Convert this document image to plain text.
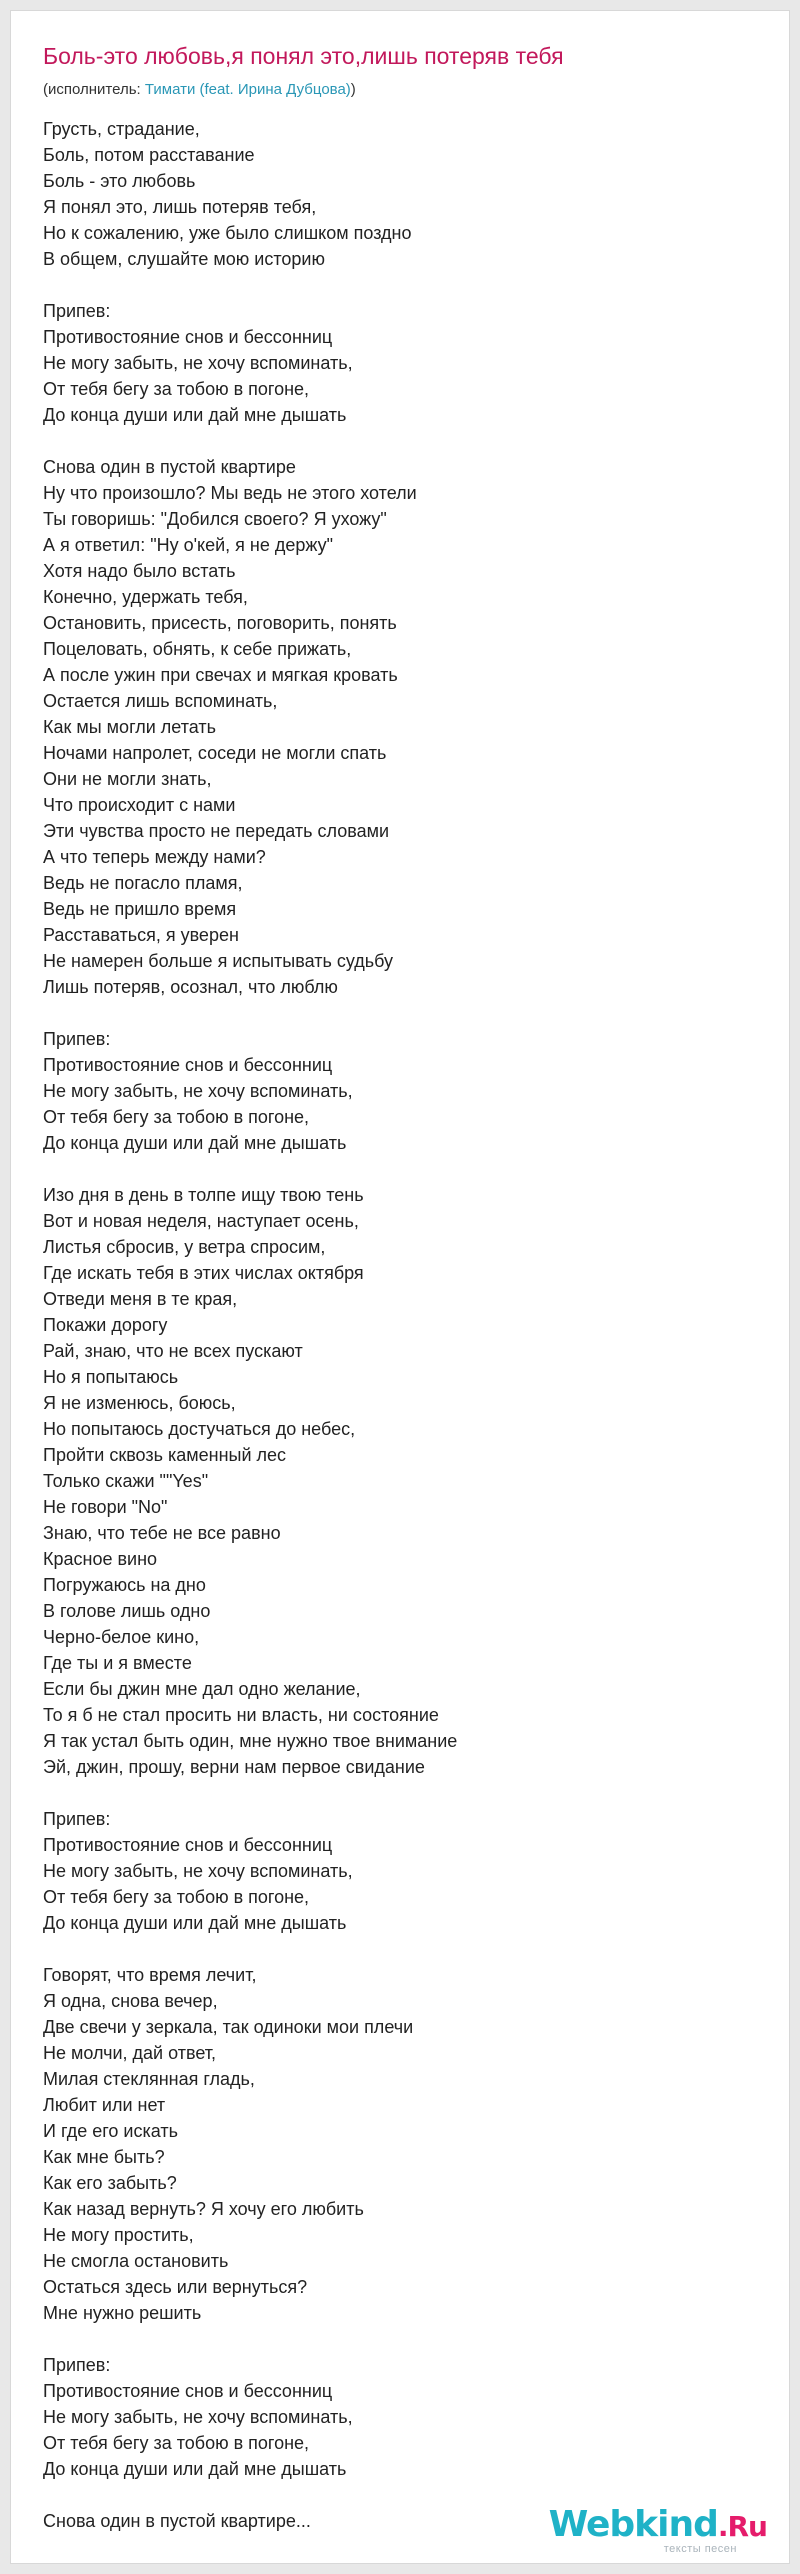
Боль-это любовь,я понял это,лишь потеряв тебя
(исполнитель: Тимати (feat. Ирина Дубцова))
Грусть, страдание,
Боль, потом расставание
Боль - это любовь
Я понял это, лишь потеряв тебя,
Но к сожалению, уже было слишком поздно
В общем, слушайте мою историю
Припев:
Противостояние снов и бессонниц
Не могу забыть, не хочу вспоминать,
От тебя бегу за тобою в погоне,
До конца души или дай мне дышать
Снова один в пустой квартире
Ну что произошло? Мы ведь не этого хотели
Ты говоришь: "Добился своего? Я ухожу"
А я ответил: "Ну о'кей, я не держу"
Хотя надо было встать
Конечно, удержать тебя,
Остановить, присесть, поговорить, понять
Поцеловать, обнять, к себе прижать,
А после ужин при свечах и мягкая кровать
Остается лишь вспоминать,
Как мы могли летать
Ночами напролет, соседи не могли спать
Они не могли знать,
Что происходит с нами
Эти чувства просто не передать словами
А что теперь между нами?
Ведь не погасло пламя,
Ведь не пришло время
Расставаться, я уверен
Не намерен больше я испытывать судьбу
Лишь потеряв, осознал, что люблю
Припев:
Противостояние снов и бессонниц
Не могу забыть, не хочу вспоминать,
От тебя бегу за тобою в погоне,
До конца души или дай мне дышать
Изо дня в день в толпе ищу твою тень
Вот и новая неделя, наступает осень,
Листья сбросив, у ветра спросим,
Где искать тебя в этих числах октября
Отведи меня в те края,
Покажи дорогу
Рай, знаю, что не всех пускают
Но я попытаюсь
Я не изменюсь, боюсь,
Но попытаюсь достучаться до небес,
Пройти сквозь каменный лес
Только скажи ""Yes"
Не говори "No"
Знаю, что тебе не все равно
Красное вино
Погружаюсь на дно
В голове лишь одно
Черно-белое кино,
Где ты и я вместе
Если бы джин мне дал одно желание,
То я б не стал просить ни власть, ни состояние
Я так устал быть один, мне нужно твое внимание
Эй, джин, прошу, верни нам первое свидание
Припев:
Противостояние снов и бессонниц
Не могу забыть, не хочу вспоминать,
От тебя бегу за тобою в погоне,
До конца души или дай мне дышать
Говорят, что время лечит,
Я одна, снова вечер,
Две свечи у зеркала, так одиноки мои плечи
Не молчи, дай ответ,
Милая стеклянная гладь,
Любит или нет
И где его искать
Как мне быть?
Как его забыть?
Как назад вернуть? Я хочу его любить
Не могу простить,
Не смогла остановить
Остаться здесь или вернуться?
Мне нужно решить
Припев:
Противостояние снов и бессонниц
Не могу забыть, не хочу вспоминать,
От тебя бегу за тобою в погоне,
До конца души или дай мне дышать
Снова один в пустой квартире...	Webkind.Ru
тексты песен
